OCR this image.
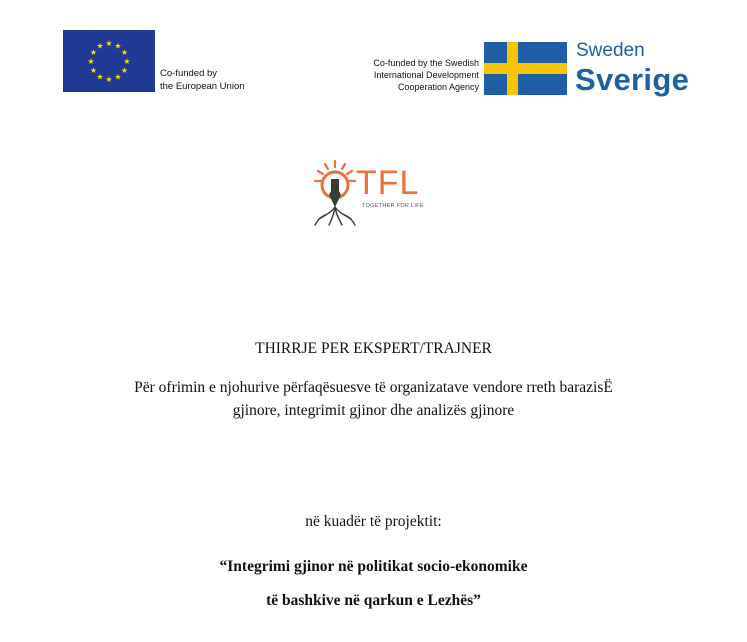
★ ★
★
★
★
★
★
★
★
★
★
★
Co-funded by
the European Union
Co-funded by the Swedish
International Development
Cooperation Agency
Sweden
Sverige
TFL
TOGETHER FOR LIFE
THIRRJE PER EKSPERT/TRAJNER
Për ofrimin e njohurive përfaqësuesve të organizatave vendore rreth barazisË
gjinore, integrimit gjinor dhe analizës gjinore
në kuadër të projektit:
“Integrimi gjinor në politikat socio-ekonomike
të bashkive në qarkun e Lezhës”
